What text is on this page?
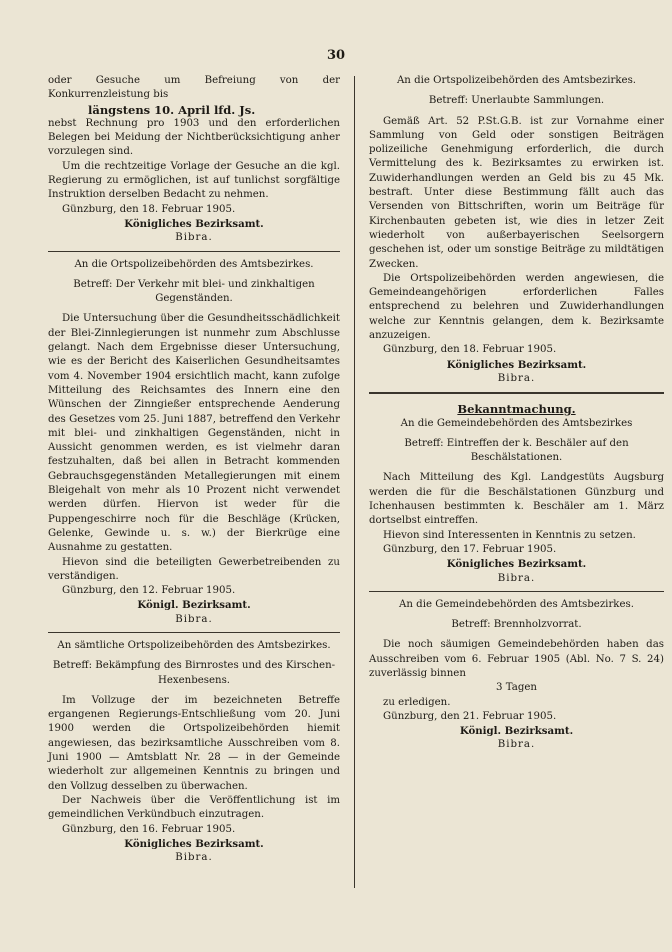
30

oder Gesuche um Befreiung von der Konkurrenzleistung bis

längstens 10. April lfd. Js.

nebst Rechnung pro 1903 und den erforderlichen Belegen bei Meidung der Nichtberücksichtigung anher vorzulegen sind.

Um die rechtzeitige Vorlage der Gesuche an die kgl. Regierung zu ermöglichen, ist auf tunlichst sorgfältige Instruktion derselben Bedacht zu nehmen.

Günzburg, den 18. Februar 1905.

Königliches Bezirksamt.

Bibra.

An die Ortspolizeibehörden des Amtsbezirkes.

Betreff: Der Verkehr mit blei- und zinkhaltigen Gegenständen.

Die Untersuchung über die Gesundheitsschädlichkeit der Blei-Zinnlegierungen ist nunmehr zum Abschlusse gelangt. Nach dem Ergebnisse dieser Untersuchung, wie es der Bericht des Kaiserlichen Gesundheitsamtes vom 4. November 1904 ersichtlich macht, kann zufolge Mitteilung des Reichsamtes des Innern eine den Wünschen der Zinngießer entsprechende Aenderung des Gesetzes vom 25. Juni 1887, betreffend den Verkehr mit blei- und zinkhaltigen Gegenständen, nicht in Aussicht genommen werden, es ist vielmehr daran festzuhalten, daß bei allen in Betracht kommenden Gebrauchsgegenständen Metallegierungen mit einem Bleigehalt von mehr als 10 Prozent nicht verwendet werden dürfen. Hiervon ist weder für die Puppengeschirre noch für die Beschläge (Krücken, Gelenke, Gewinde u. s. w.) der Bierkrüge eine Ausnahme zu gestatten.

Hievon sind die beteiligten Gewerbetreibenden zu verständigen.

Günzburg, den 12. Februar 1905.

Königl. Bezirksamt.

Bibra.

An sämtliche Ortspolizeibehörden des Amtsbezirkes.

Betreff: Bekämpfung des Birnrostes und des Kirschen-Hexenbesens.

Im Vollzuge der im bezeichneten Betreffe ergangenen Regierungs-Entschließung vom 20. Juni 1900 werden die Ortspolizeibehörden hiemit angewiesen, das bezirksamtliche Ausschreiben vom 8. Juni 1900 — Amtsblatt Nr. 28 — in der Gemeinde wiederholt zur allgemeinen Kenntnis zu bringen und den Vollzug desselben zu überwachen.

Der Nachweis über die Veröffentlichung ist im gemeindlichen Verkündbuch einzutragen.

Günzburg, den 16. Februar 1905.

Königliches Bezirksamt.

Bibra.

An die Ortspolizeibehörden des Amtsbezirkes.

Betreff: Unerlaubte Sammlungen.

Gemäß Art. 52 P.St.G.B. ist zur Vornahme einer Sammlung von Geld oder sonstigen Beiträgen polizeiliche Genehmigung erforderlich, die durch Vermittelung des k. Bezirksamtes zu erwirken ist. Zuwiderhandlungen werden an Geld bis zu 45 Mk. bestraft. Unter diese Bestimmung fällt auch das Versenden von Bittschriften, worin um Beiträge für Kirchenbauten gebeten ist, wie dies in letzer Zeit wiederholt von außerbayerischen Seelsorgern geschehen ist, oder um sonstige Beiträge zu mildtätigen Zwecken.

Die Ortspolizeibehörden werden angewiesen, die Gemeindeangehörigen erforderlichen Falles entsprechend zu belehren und Zuwiderhandlungen welche zur Kenntnis gelangen, dem k. Bezirksamte anzuzeigen.

Günzburg, den 18. Februar 1905.

Königliches Bezirksamt.

Bibra.

Bekanntmachung.

An die Gemeindebehörden des Amtsbezirkes

Betreff: Eintreffen der k. Beschäler auf den Beschälstationen.

Nach Mitteilung des Kgl. Landgestüts Augsburg werden die für die Beschälstationen Günzburg und Ichenhausen bestimmten k. Beschäler am 1. März dortselbst eintreffen.

Hievon sind Interessenten in Kenntnis zu setzen.

Günzburg, den 17. Februar 1905.

Königliches Bezirksamt.

Bibra.

An die Gemeindebehörden des Amtsbezirkes.

Betreff: Brennholzvorrat.

Die noch säumigen Gemeindebehörden haben das Ausschreiben vom 6. Februar 1905 (Abl. No. 7 S. 24) zuverlässig binnen

3 Tagen

zu erledigen.

Günzburg, den 21. Februar 1905.

Königl. Bezirksamt.

Bibra.
